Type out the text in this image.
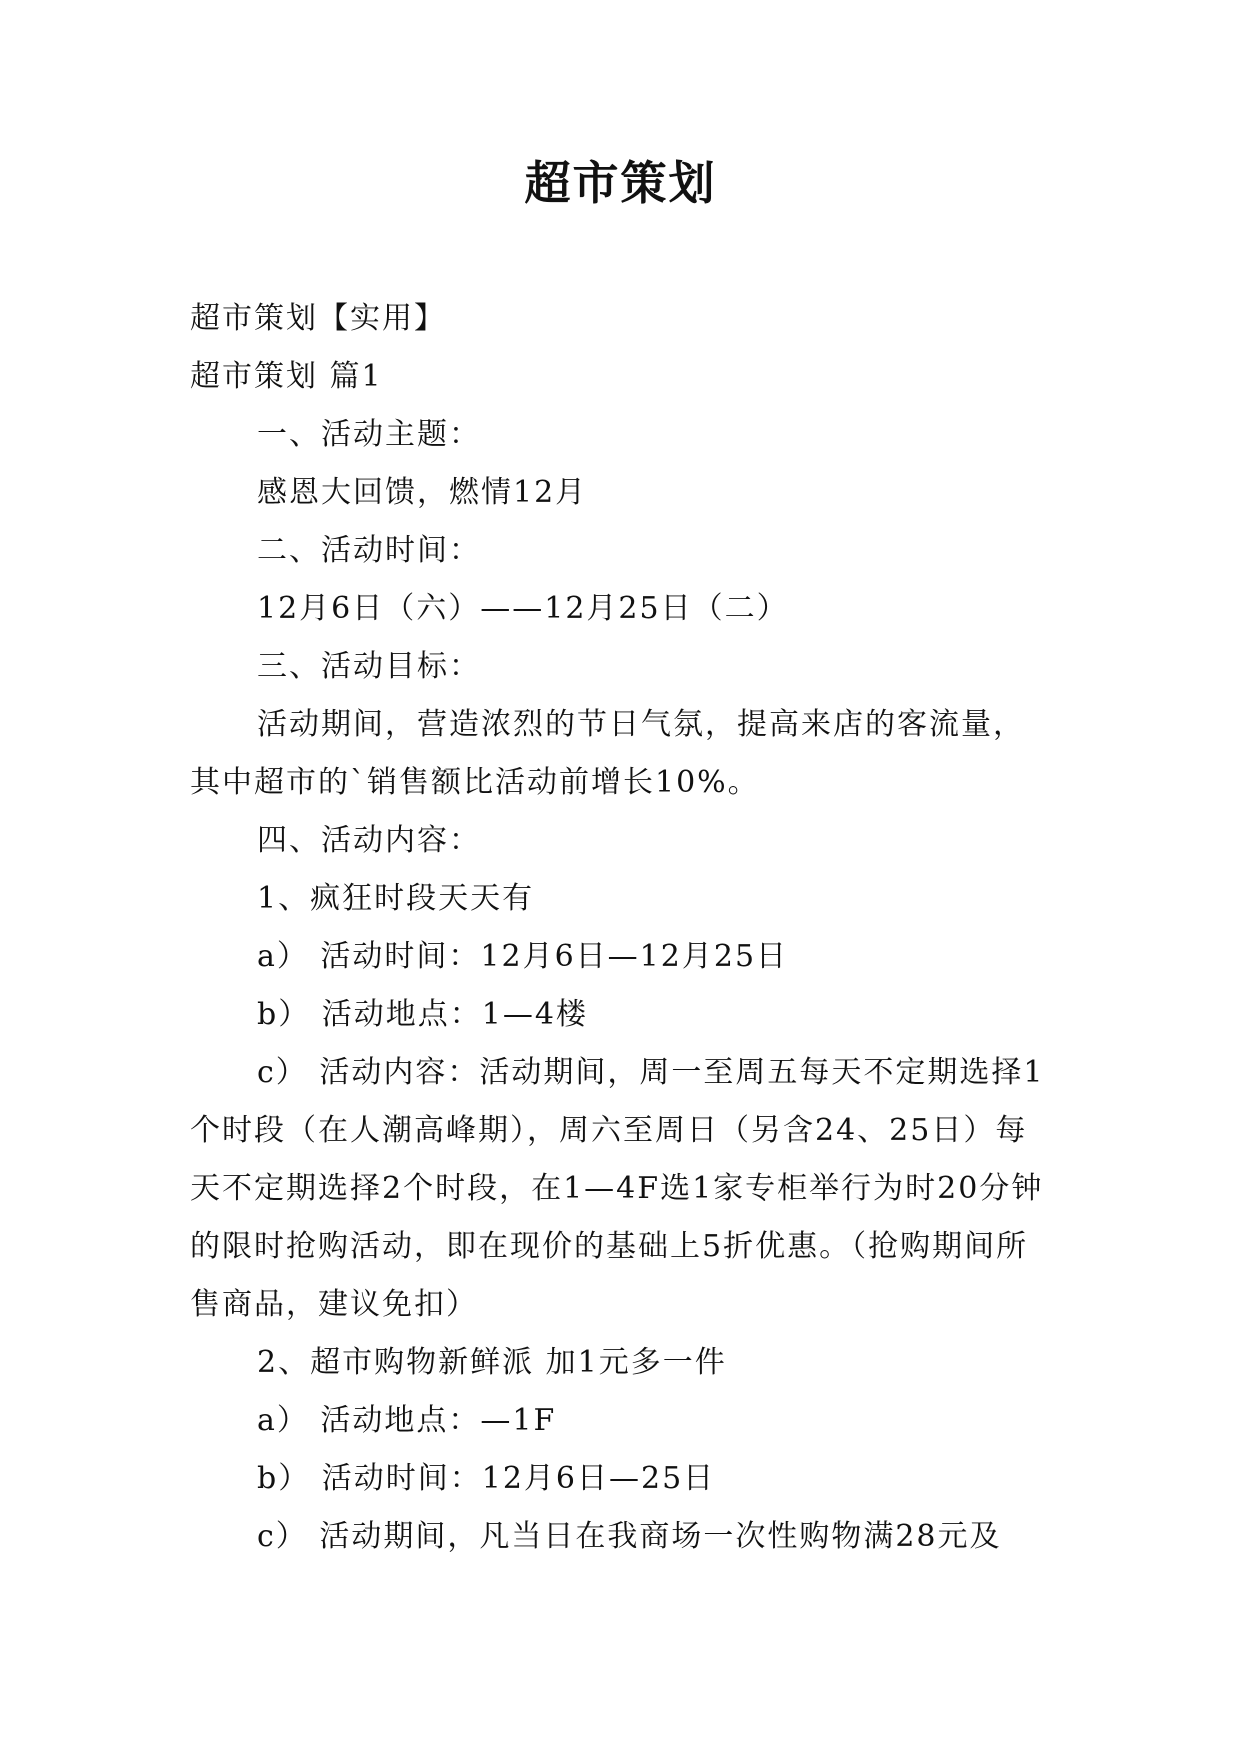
超市策划

超市策划【实用】

超市策划 篇1

一、活动主题：

感恩大回馈，燃情12月

二、活动时间：

12月6日（六）——12月25日（二）

三、活动目标：

活动期间，营造浓烈的节日气氛，提高来店的客流量，其中超市的`销售额比活动前增长10%。

四、活动内容：

1、疯狂时段天天有

a） 活动时间：12月6日—12月25日

b） 活动地点：1—4楼

c） 活动内容：活动期间，周一至周五每天不定期选择1个时段（在人潮高峰期），周六至周日（另含24、25日）每天不定期选择2个时段，在1—4F选1家专柜举行为时20分钟的限时抢购活动，即在现价的基础上5折优惠。（抢购期间所售商品，建议免扣）

2、超市购物新鲜派 加1元多一件

a） 活动地点：—1F

b） 活动时间：12月6日—25日

c） 活动期间，凡当日在我商场一次性购物满28元及
